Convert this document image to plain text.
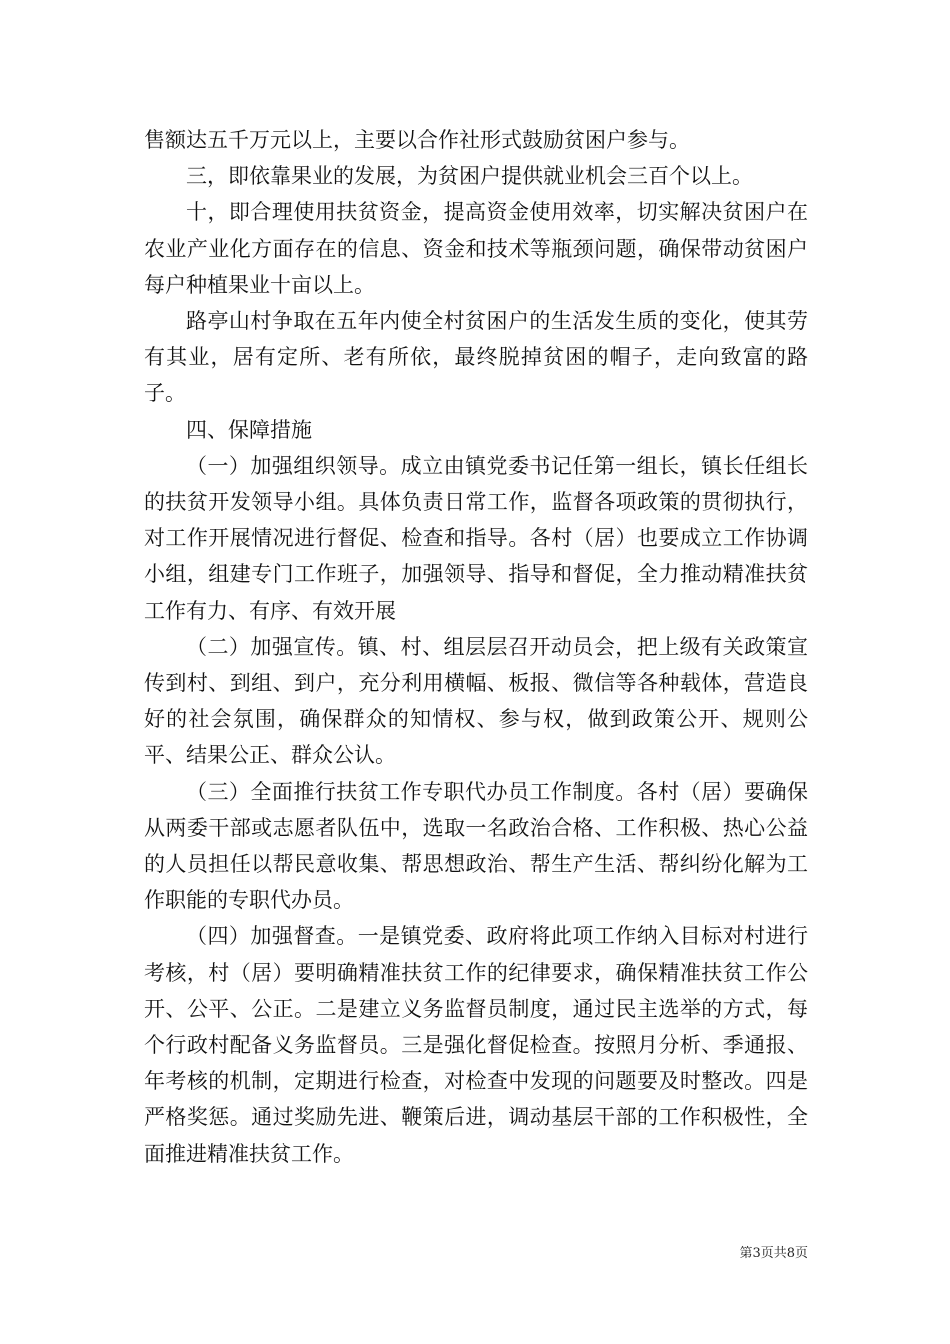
售额达五千万元以上，主要以合作社形式鼓励贫困户参与。

三，即依靠果业的发展，为贫困户提供就业机会三百个以上。

十，即合理使用扶贫资金，提高资金使用效率，切实解决贫困户在农业产业化方面存在的信息、资金和技术等瓶颈问题，确保带动贫困户每户种植果业十亩以上。

路亭山村争取在五年内使全村贫困户的生活发生质的变化，使其劳有其业，居有定所、老有所依，最终脱掉贫困的帽子，走向致富的路子。

四、保障措施

（一）加强组织领导。成立由镇党委书记任第一组长，镇长任组长的扶贫开发领导小组。具体负责日常工作，监督各项政策的贯彻执行，对工作开展情况进行督促、检查和指导。各村（居）也要成立工作协调小组，组建专门工作班子，加强领导、指导和督促，全力推动精准扶贫工作有力、有序、有效开展

（二）加强宣传。镇、村、组层层召开动员会，把上级有关政策宣传到村、到组、到户，充分利用横幅、板报、微信等各种载体，营造良好的社会氛围，确保群众的知情权、参与权，做到政策公开、规则公平、结果公正、群众公认。

（三）全面推行扶贫工作专职代办员工作制度。各村（居）要确保从两委干部或志愿者队伍中，选取一名政治合格、工作积极、热心公益的人员担任以帮民意收集、帮思想政治、帮生产生活、帮纠纷化解为工作职能的专职代办员。

（四）加强督查。一是镇党委、政府将此项工作纳入目标对村进行考核，村（居）要明确精准扶贫工作的纪律要求，确保精准扶贫工作公开、公平、公正。二是建立义务监督员制度，通过民主选举的方式，每个行政村配备义务监督员。三是强化督促检查。按照月分析、季通报、年考核的机制，定期进行检查，对检查中发现的问题要及时整改。四是严格奖惩。通过奖励先进、鞭策后进，调动基层干部的工作积极性，全面推进精准扶贫工作。

第3页共8页
